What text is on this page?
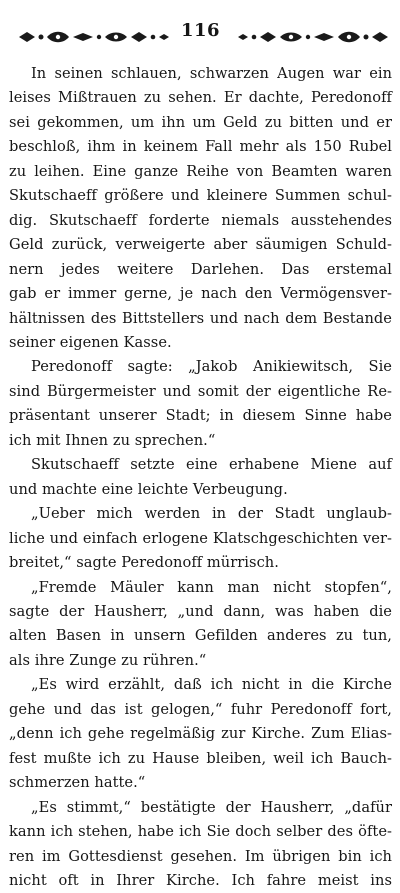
116
In seinen schlauen, schwarzen Augen war ein
leises Mißtrauen zu sehen. Er dachte, Peredonoff
sei gekommen, um ihn um Geld zu bitten und er
beschloß, ihm in keinem Fall mehr als 150 Rubel
zu leihen. Eine ganze Reihe von Beamten waren
Skutschaeff größere und kleinere Summen schul-
dig. Skutschaeff forderte niemals ausstehendes
Geld zurück, verweigerte aber säumigen Schuld-
nern jedes weitere Darlehen. Das erstemal
gab er immer gerne, je nach den Vermögensver-
hältnissen des Bittstellers und nach dem Bestande
seiner eigenen Kasse.
Peredonoff sagte: „Jakob Anikiewitsch, Sie
sind Bürgermeister und somit der eigentliche Re-
präsentant unserer Stadt; in diesem Sinne habe
ich mit Ihnen zu sprechen.“
Skutschaeff setzte eine erhabene Miene auf
und machte eine leichte Verbeugung.
„Ueber mich werden in der Stadt unglaub-
liche und einfach erlogene Klatschgeschichten ver-
breitet,“ sagte Peredonoff mürrisch.
„Fremde Mäuler kann man nicht stopfen“,
sagte der Hausherr, „und dann, was haben die
alten Basen in unsern Gefilden anderes zu tun,
als ihre Zunge zu rühren.“
„Es wird erzählt, daß ich nicht in die Kirche
gehe und das ist gelogen,“ fuhr Peredonoff fort,
„denn ich gehe regelmäßig zur Kirche. Zum Elias-
fest mußte ich zu Hause bleiben, weil ich Bauch-
schmerzen hatte.“
„Es stimmt,“ bestätigte der Hausherr, „dafür
kann ich stehen, habe ich Sie doch selber des öfte-
ren im Gottesdienst gesehen. Im übrigen bin ich
nicht oft in Ihrer Kirche. Ich fahre meist ins
